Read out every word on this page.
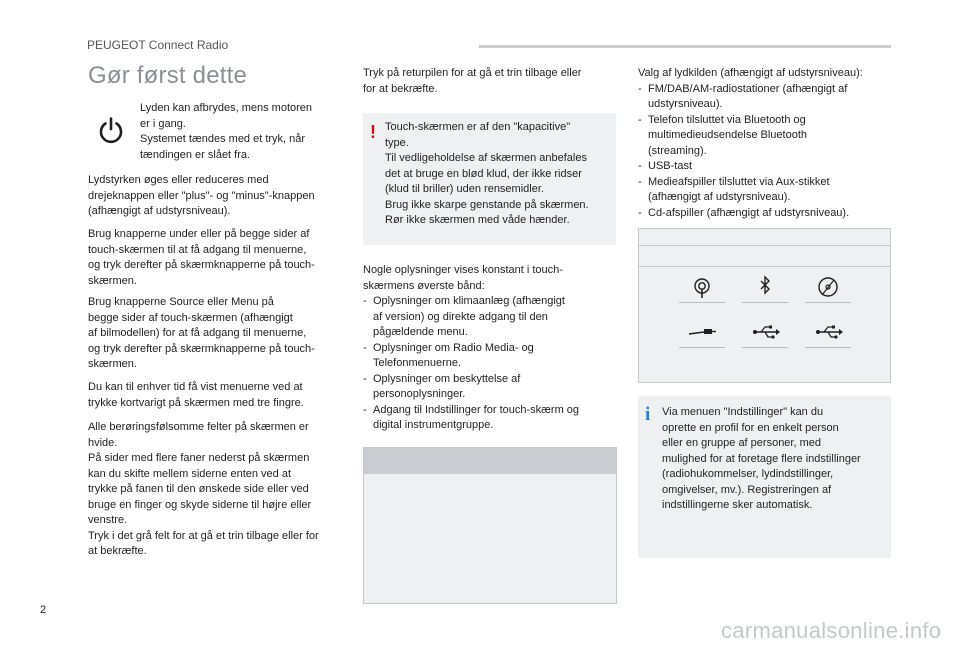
PEUGEOT Connect Radio
Gør først dette
Lyden kan afbrydes, mens motoren
er i gang.
Systemet tændes med et tryk, når
tændingen er slået fra.
Lydstyrken øges eller reduceres med
drejeknappen eller "plus"- og "minus"-knappen
(afhængigt af udstyrsniveau).
Brug knapperne under eller på begge sider af
touch-skærmen til at få adgang til menuerne,
og tryk derefter på skærmknapperne på touch-
skærmen.
Brug knapperne Source eller Menu på
begge sider af touch-skærmen (afhængigt
af bilmodellen) for at få adgang til menuerne,
og tryk derefter på skærmknapperne på touch-
skærmen.
Du kan til enhver tid få vist menuerne ved at
trykke kortvarigt på skærmen med tre fingre.
Alle berøringsfølsomme felter på skærmen er
hvide.
På sider med flere faner nederst på skærmen
kan du skifte mellem siderne enten ved at
trykke på fanen til den ønskede side eller ved
bruge en finger og skyde siderne til højre eller
venstre.
Tryk i det grå felt for at gå et trin tilbage eller for
at bekræfte.
Tryk på returpilen for at gå et trin tilbage eller
for at bekræfte.
! Touch-skærmen er af den "kapacitive"
type.
Til vedligeholdelse af skærmen anbefales
det at bruge en blød klud, der ikke ridser
(klud til briller) uden rensemidler.
Brug ikke skarpe genstande på skærmen.
Rør ikke skærmen med våde hænder.
Nogle oplysninger vises konstant i touch-
skærmens øverste bånd:
- Oplysninger om klimaanlæg (afhængigt
af version) og direkte adgang til den
pågældende menu.
- Oplysninger om Radio Media- og
Telefonmenuerne.
- Oplysninger om beskyttelse af
personoplysninger.
- Adgang til Indstillinger for touch-skærm og
digital instrumentgruppe.
Valg af lydkilden (afhængigt af udstyrsniveau):
- FM/DAB/AM-radiostationer (afhængigt af
udstyrsniveau).
- Telefon tilsluttet via Bluetooth og
multimedieudsendelse Bluetooth
(streaming).
- USB-tast
- Medieafspiller tilsluttet via Aux-stikket
(afhængigt af udstyrsniveau).
- Cd-afspiller (afhængigt af udstyrsniveau).
i Via menuen "Indstillinger" kan du
oprette en profil for en enkelt person
eller en gruppe af personer, med
mulighed for at foretage flere indstillinger
(radiohukommelser, lydindstillinger,
omgivelser, mv.). Registreringen af
indstillingerne sker automatisk.
2
carmanualsonline.info
